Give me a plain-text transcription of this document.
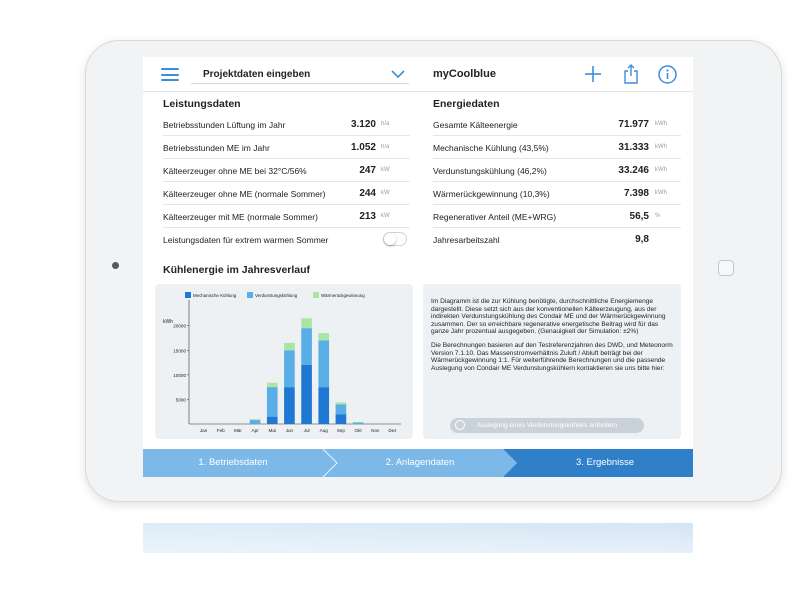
Projektdaten eingeben	myCoolblue
Leistungsdaten
Betriebsstunden Lüftung im Jahr	3.120 h/a
Betriebsstunden ME im Jahr	1.052 h/a
Kälteerzeuger ohne ME bei 32°C/56%	247 kW
Kälteerzeuger ohne ME (normale Sommer)	244 kW
Kälteerzeuger mit ME (normale Sommer)	213 kW
Leistungsdaten für extrem warmen Sommer
Energiedaten
Gesamte Kälteenergie	71.977 kWh
Mechanische Kühlung (43,5%)	31.333 kWh
Verdunstungskühlung (46,2%)	33.246 kWh
Wärmerückgewinnung (10,3%)	7.398 kWh
Regenerativer Anteil (ME+WRG)	56,5 %
Jahresarbeitszahl	9,8
Kühlenergie im Jahresverlauf
kWh
5000
10000
15000
20000
Jan Feb Mär Apr Mai Jun Jul Aug Sep Okt Nov Dez
Mechanische Kühlung	Verdunstungskühlung	Wärmerückgewinnung

Im Diagramm ist die zur Kühlung benötigte, durchschnittliche Energiemenge dargestellt. Diese setzt sich aus der konventionellen Kälteerzeugung, aus der indirekten Verdunstungskühlung des Condair ME und der Wärmerückgewinnung zusammen. Der so erreichbare regenerative energetische Beitrag wird für das ganze Jahr prozentual ausgegeben. (Genauigkeit der Simulation: ±2%)

Die Berechnungen basieren auf den Testreferenzjahren des DWD, und Meteonorm Version 7.1.10. Das Massenstromverhältnis Zuluft / Abluft beträgt bei der Wärmerückgewinnung 1:1. Für weiterführende Berechnungen und die passende Auslegung von Condair ME Verdunstungskühlern kontaktieren sie uns bitte hier:

Auslegung eines Verdunstungskühlers anfordern
1. Betriebsdaten	2. Anlagendaten	3. Ergebnisse
